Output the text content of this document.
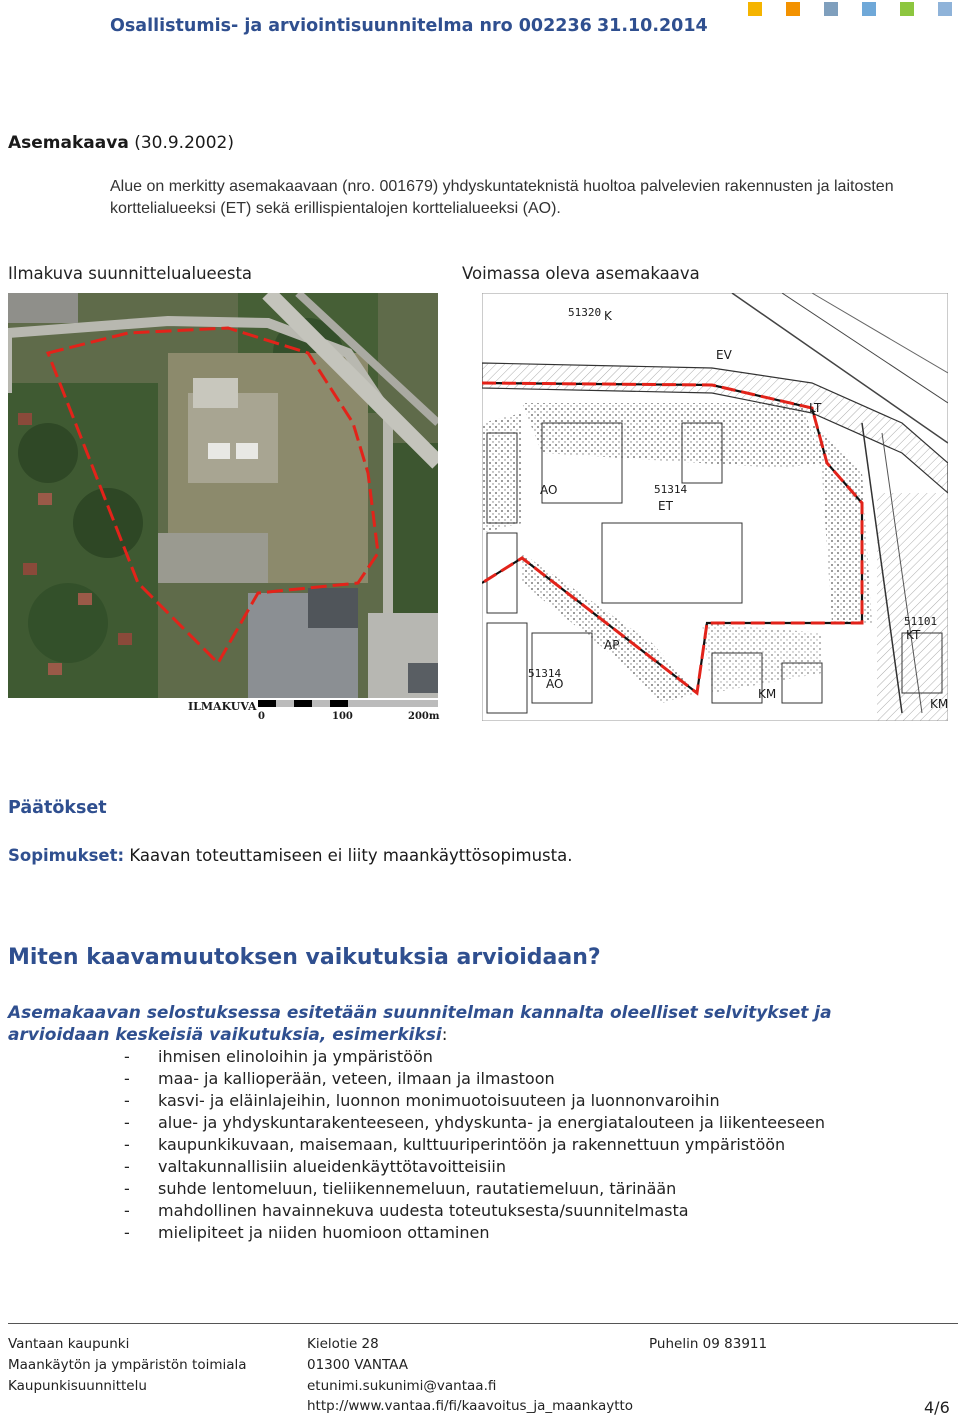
Osallistumis- ja arviointisuunnitelma nro 002236 31.10.2014
Asemakaava (30.9.2002)
Alue on merkitty asemakaavaan (nro. 001679) yhdyskuntateknistä huoltoa palvelevien rakennusten ja laitosten korttelialueeksi (ET) sekä erillispientalojen korttelialueeksi (AO).
Ilmakuva suunnittelualueesta	Voimassa oleva asemakaava
ILMAKUVA
0	100	200m
51320 K
EV
LT
51314
ET
AO
AP
51314
AO
51101
KT
KM
KM
Päätökset
Sopimukset: Kaavan toteuttamiseen ei liity maankäyttösopimusta.
Miten kaavamuutoksen vaikutuksia arvioidaan?
Asemakaavan selostuksessa esitetään suunnitelman kannalta oleelliset selvitykset ja arvioidaan keskeisiä vaikutuksia, esimerkiksi:
- ihmisen elinoloihin ja ympäristöön
- maa- ja kallioperään, veteen, ilmaan ja ilmastoon
- kasvi- ja eläinlajeihin, luonnon monimuotoisuuteen ja luonnonvaroihin
- alue- ja yhdyskuntarakenteeseen, yhdyskunta- ja energiatalouteen ja liikenteeseen
- kaupunkikuvaan, maisemaan, kulttuuriperintöön ja rakennettuun ympäristöön
- valtakunnallisiin alueidenkäyttötavoitteisiin
- suhde lentomeluun, tieliikennemeluun, rautatiemeluun, tärinään
- mahdollinen havainnekuva uudesta toteutuksesta/suunnitelmasta
- mielipiteet ja niiden huomioon ottaminen
Vantaan kaupunki
Maankäytön ja ympäristön toimiala
Kaupunkisuunnittelu
Kielotie 28
01300 VANTAA
etunimi.sukunimi@vantaa.fi
http://www.vantaa.fi/fi/kaavoitus_ja_maankaytto
Puhelin 09 83911
4/6
